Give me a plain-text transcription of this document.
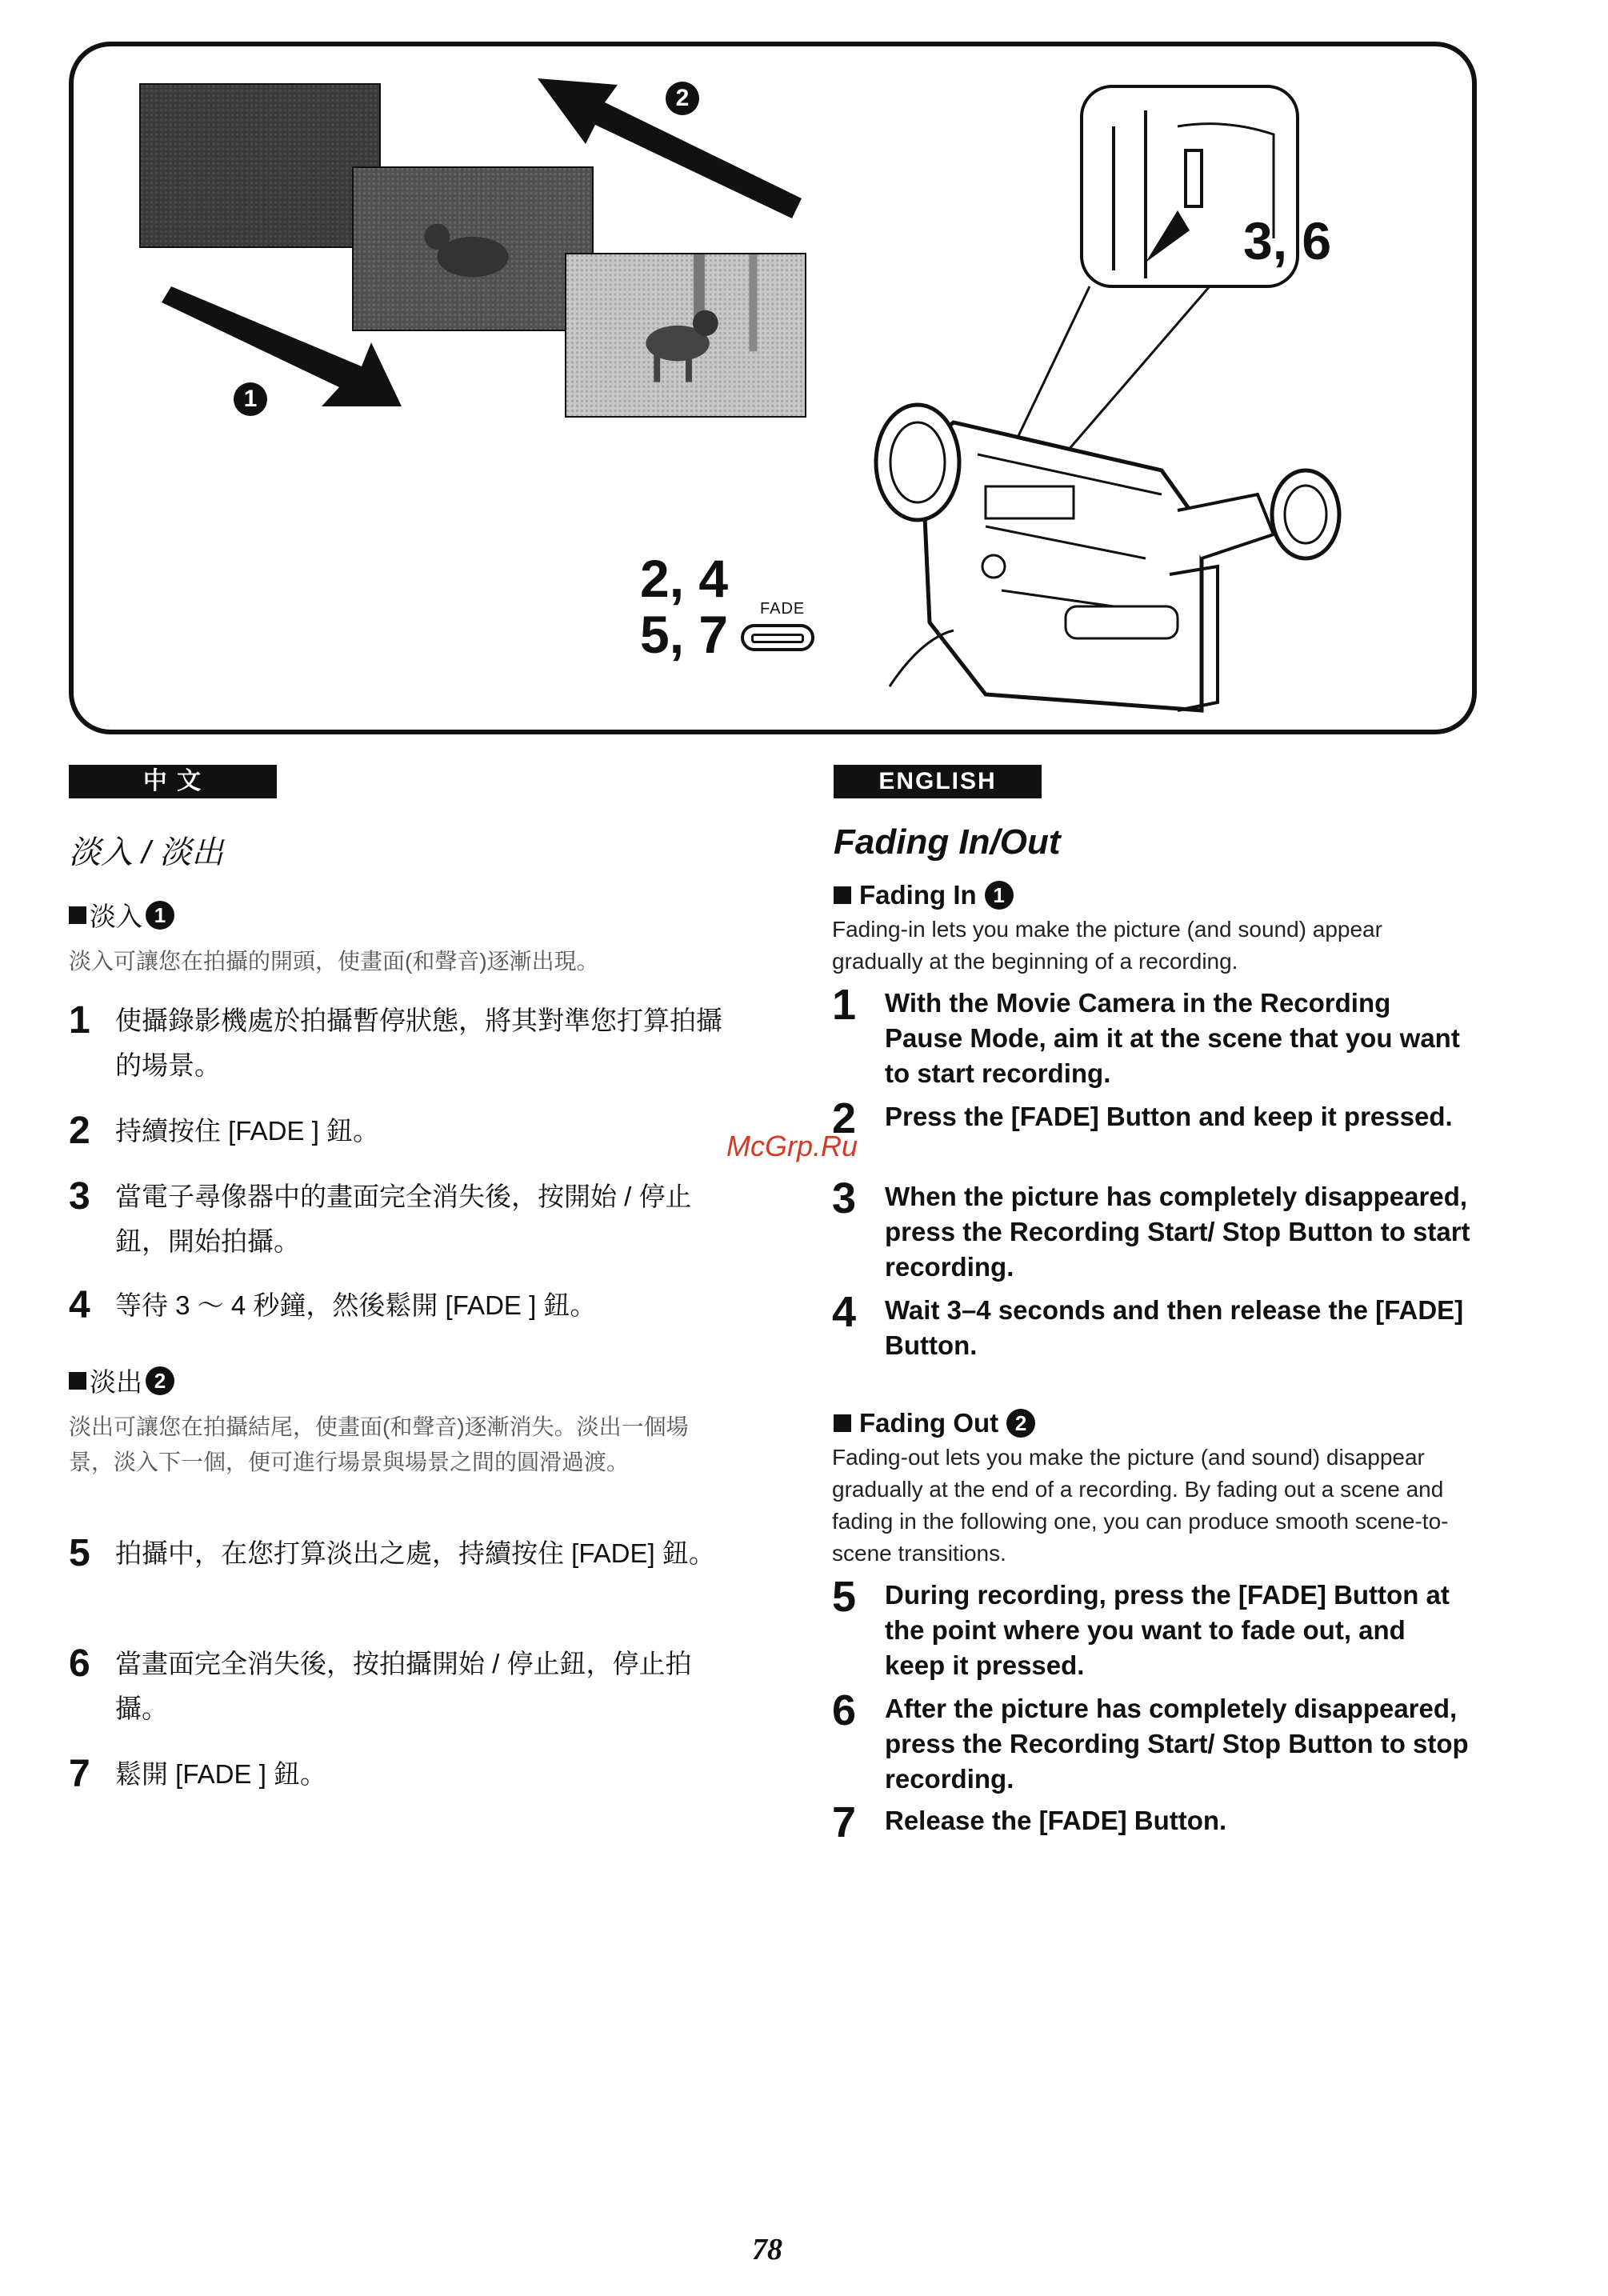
1
2
3, 6
2, 4
5, 7 FADE
中 文
淡入 / 淡出
淡入 1
淡入可讓您在拍攝的開頭，使畫面(和聲音)逐漸出現。
1 使攝錄影機處於拍攝暫停狀態，將其對準您打算拍攝的場景。
2 持續按住 [FADE ] 鈕。
3 當電子尋像器中的畫面完全消失後，按開始 / 停止鈕，開始拍攝。
4 等待 3 ～ 4 秒鐘，然後鬆開 [FADE ] 鈕。
淡出 2
淡出可讓您在拍攝結尾，使畫面(和聲音)逐漸消失。淡出一個場景，淡入下一個，便可進行場景與場景之間的圓滑過渡。
5 拍攝中，在您打算淡出之處，持續按住 [FADE] 鈕。
6 當畫面完全消失後，按拍攝開始 / 停止鈕，停止拍攝。
7 鬆開 [FADE ] 鈕。
ENGLISH
Fading In/Out
Fading In 1
Fading-in lets you make the picture (and sound) appear gradually at the beginning of a recording.
1	With the Movie Camera in the Recording Pause Mode, aim it at the scene that you want to start recording.
2	Press the [FADE] Button and keep it pressed.
3	When the picture has completely disappeared, press the Recording Start/ Stop Button to start recording.
4	Wait 3–4 seconds and then release the [FADE] Button.
Fading Out 2
Fading-out lets you make the picture (and sound) disappear gradually at the end of a recording. By fading out a scene and fading in the following one, you can produce smooth scene-to-scene transitions.
5	During recording, press the [FADE] Button at the point where you want to fade out, and keep it pressed.
6	After the picture has completely disappeared, press the Recording Start/ Stop Button to stop recording.
7	Release the [FADE] Button.
McGrp.Ru
78
